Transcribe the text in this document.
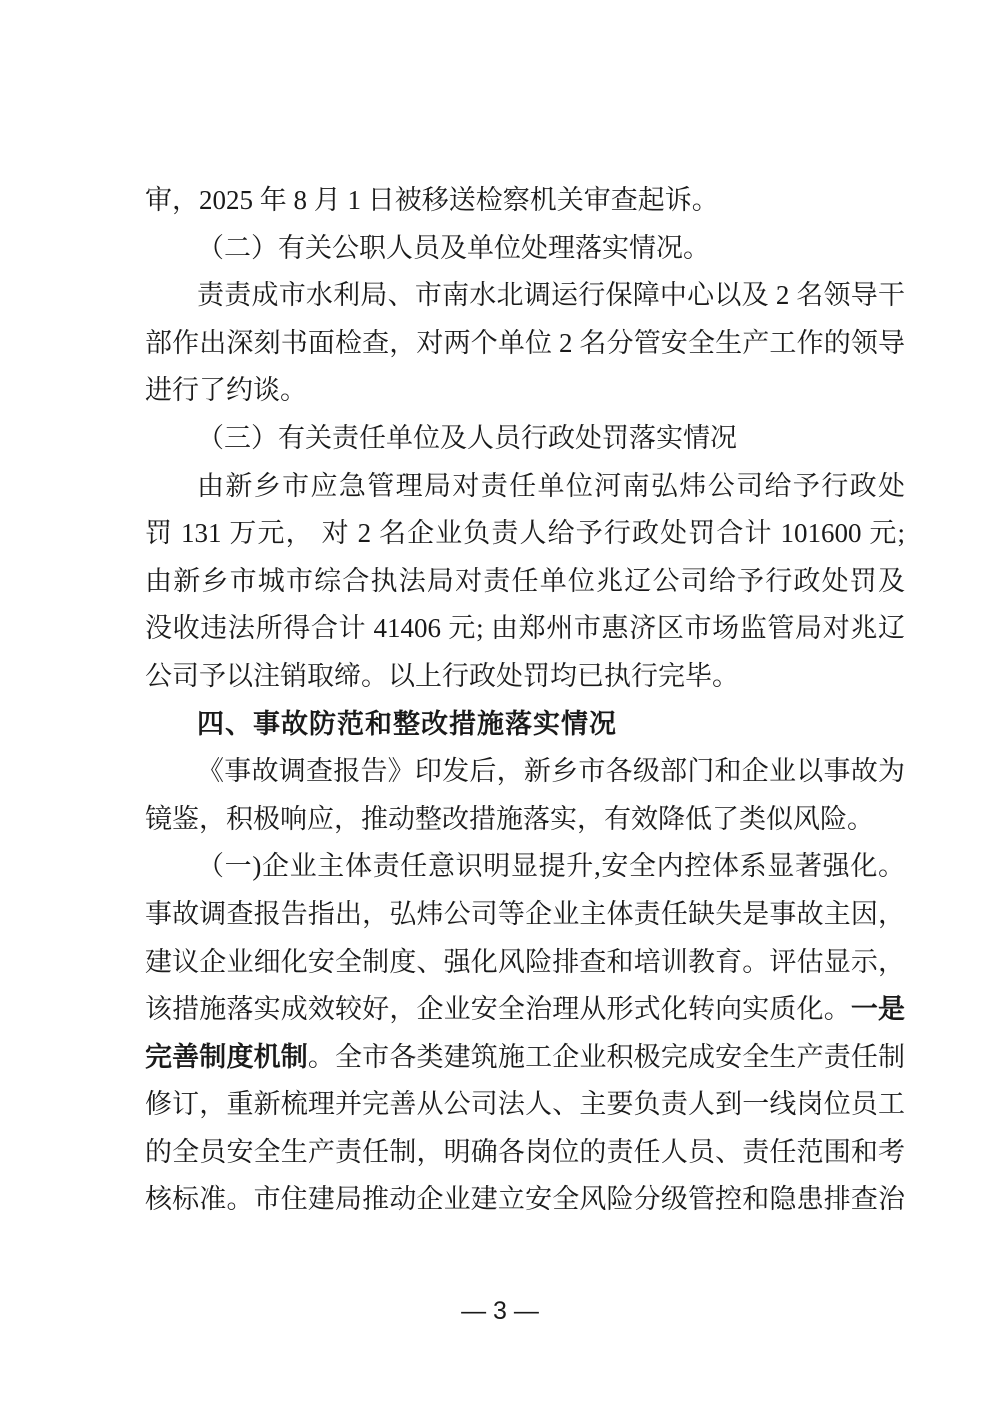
审，2025 年 8 月 1 日被移送检察机关审查起诉。
（二）有关公职人员及单位处理落实情况。
责责成市水利局、市南水北调运行保障中心以及 2 名领导干
部作出深刻书面检查，对两个单位 2 名分管安全生产工作的领导
进行了约谈。
（三）有关责任单位及人员行政处罚落实情况
由新乡市应急管理局对责任单位河南弘炜公司给予行政处
罚 131 万元， 对 2 名企业负责人给予行政处罚合计 101600 元;
由新乡市城市综合执法局对责任单位兆辽公司给予行政处罚及
没收违法所得合计 41406 元; 由郑州市惠济区市场监管局对兆辽
公司予以注销取缔。以上行政处罚均已执行完毕。
四、事故防范和整改措施落实情况
《事故调查报告》印发后，新乡市各级部门和企业以事故为
镜鉴，积极响应，推动整改措施落实，有效降低了类似风险。
（一)企业主体责任意识明显提升,安全内控体系显著强化。
事故调查报告指出，弘炜公司等企业主体责任缺失是事故主因，
建议企业细化安全制度、强化风险排查和培训教育。评估显示，
该措施落实成效较好，企业安全治理从形式化转向实质化。一是
完善制度机制。全市各类建筑施工企业积极完成安全生产责任制
修订，重新梳理并完善从公司法人、主要负责人到一线岗位员工
的全员安全生产责任制，明确各岗位的责任人员、责任范围和考
核标准。市住建局推动企业建立安全风险分级管控和隐患排查治
— 3 —
